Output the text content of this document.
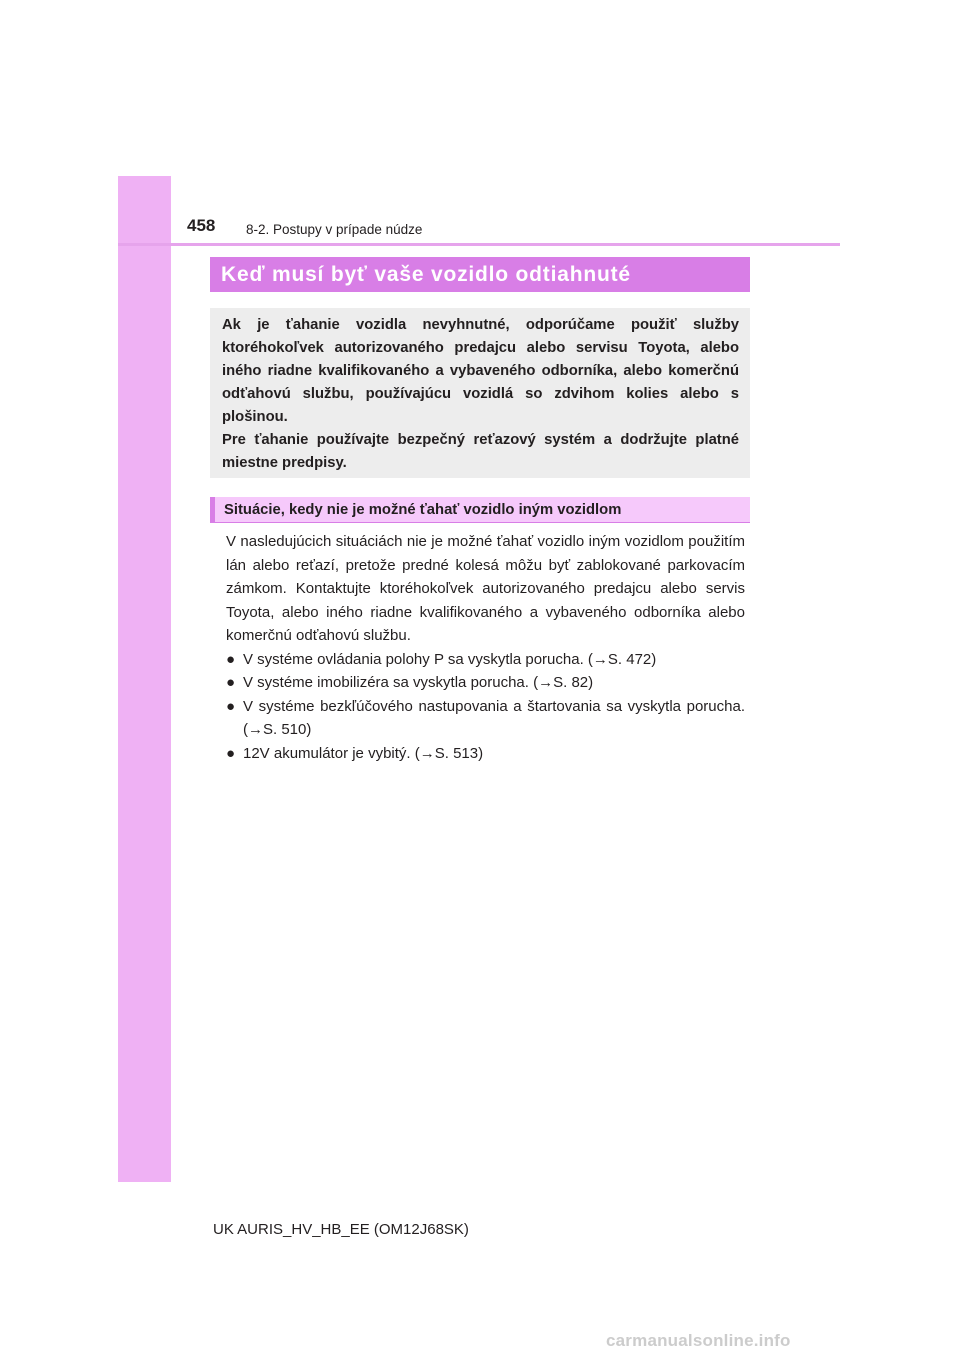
458 8-2. Postupy v prípade núdze
Keď musí byť vaše vozidlo odtiahnuté

Ak je ťahanie vozidla nevyhnutné, odporúčame použiť služby ktoréhokoľvek autorizovaného predajcu alebo servisu Toyota, alebo iného riadne kvalifikovaného a vybaveného odborníka, alebo komerčnú odťahovú službu, používajúcu vozidlá so zdvihom kolies alebo s plošinou.

Pre ťahanie používajte bezpečný reťazový systém a dodržujte platné miestne predpisy.

Situácie, kedy nie je možné ťahať vozidlo iným vozidlom

V nasledujúcich situáciách nie je možné ťahať vozidlo iným vozidlom použitím lán alebo reťazí, pretože predné kolesá môžu byť zablokované parkovacím zámkom. Kontaktujte ktoréhokoľvek autorizovaného predajcu alebo servis Toyota, alebo iného riadne kvalifikovaného a vybaveného odborníka alebo komerčnú odťahovú službu.

● V systéme ovládania polohy P sa vyskytla porucha. (→S. 472)
● V systéme imobilizéra sa vyskytla porucha. (→S. 82)
● V systéme bezkľúčového nastupovania a štartovania sa vyskytla porucha. (→S. 510)
● 12V akumulátor je vybitý. (→S. 513)
UK AURIS_HV_HB_EE (OM12J68SK)
carmanualsonline.info
